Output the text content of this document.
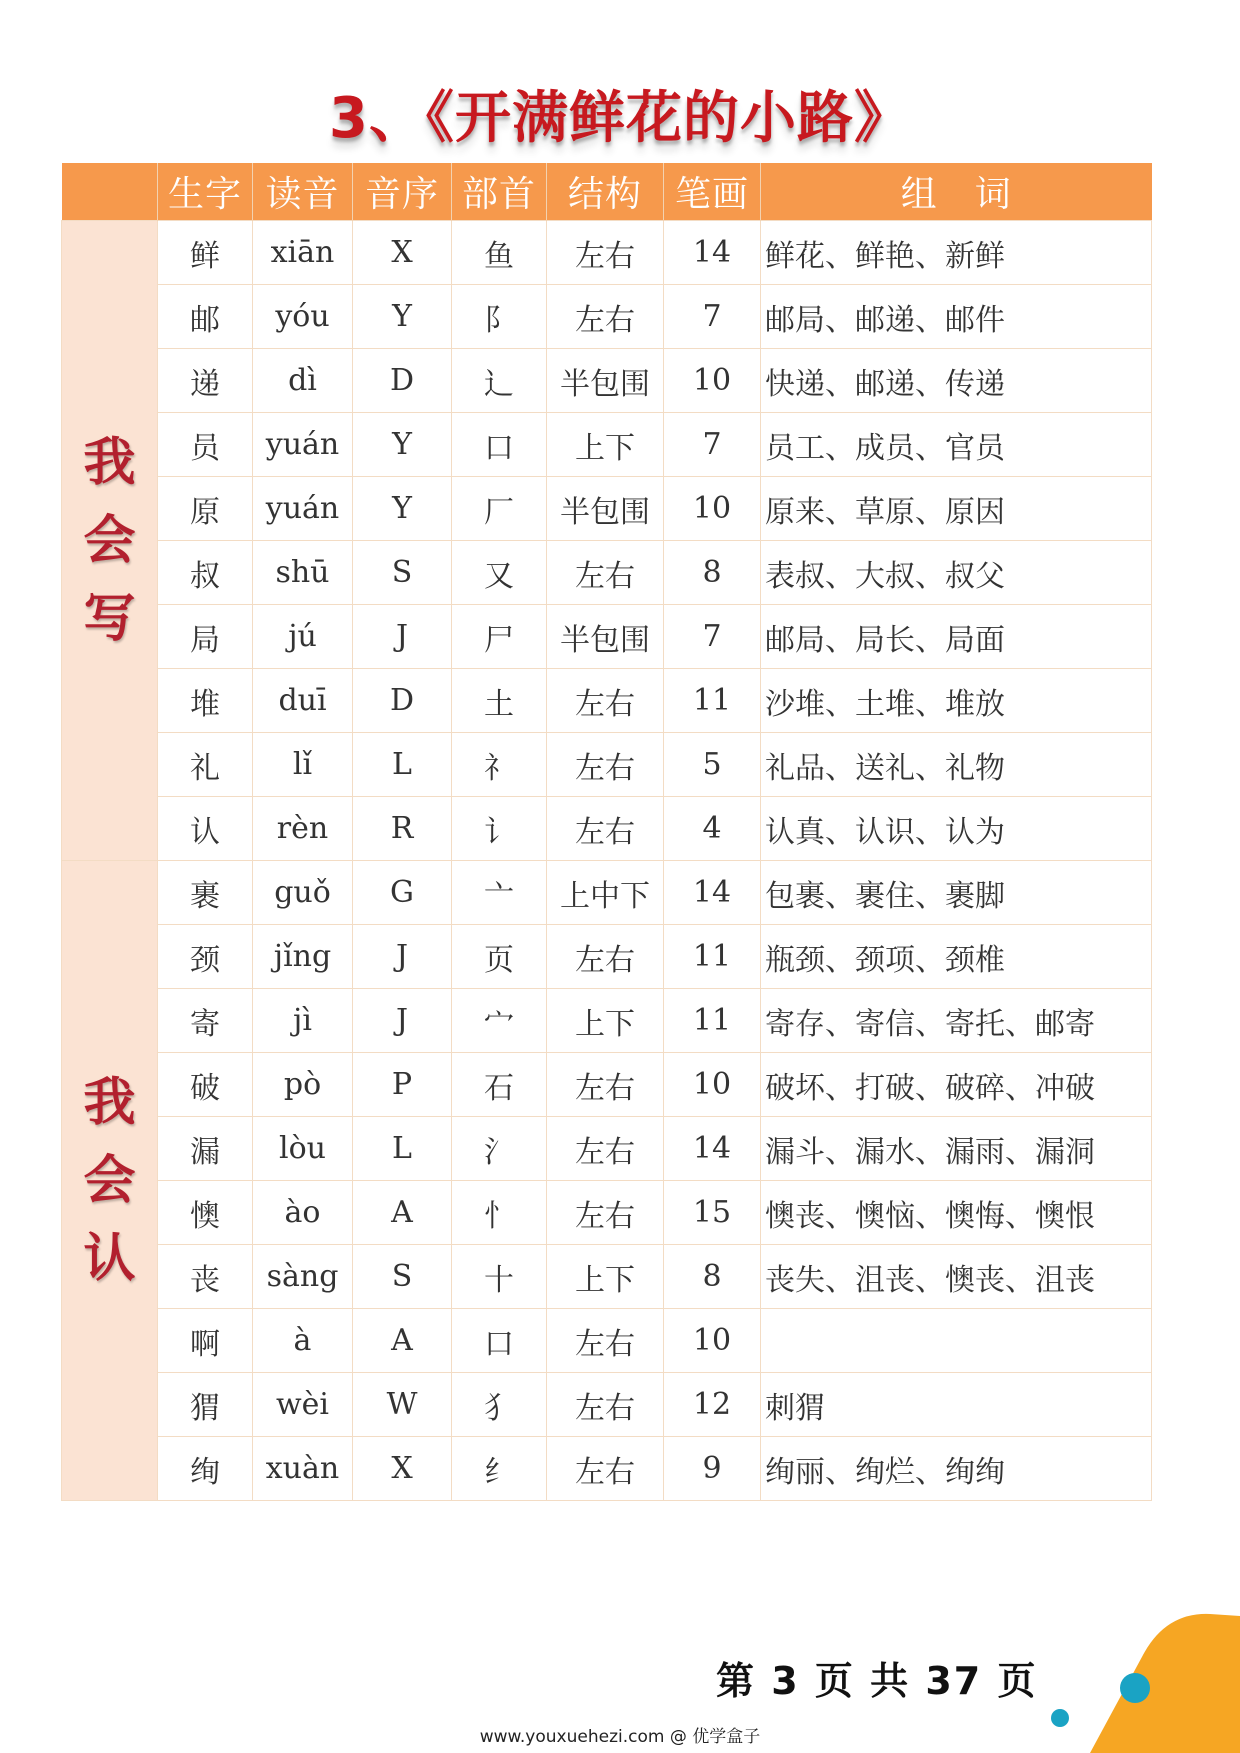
3、《开满鲜花的小路》
	生字	读音	音序	部首	结构	笔画	组　词

我会写	鲜	xiān	X	鱼	左右	14	鲜花、鲜艳、新鲜
	邮	yóu	Y	阝	左右	7	邮局、邮递、邮件
	递	dì	D	辶	半包围	10	快递、邮递、传递
	员	yuán	Y	口	上下	7	员工、成员、官员
	原	yuán	Y	厂	半包围	10	原来、草原、原因
	叔	shū	S	又	左右	8	表叔、大叔、叔父
	局	jú	J	尸	半包围	7	邮局、局长、局面
	堆	duī	D	土	左右	11	沙堆、土堆、堆放
	礼	lǐ	L	礻	左右	5	礼品、送礼、礼物
	认	rèn	R	讠	左右	4	认真、认识、认为

我会认	裹	guǒ	G	亠	上中下	14	包裹、裹住、裹脚
	颈	jǐng	J	页	左右	11	瓶颈、颈项、颈椎
	寄	jì	J	宀	上下	11	寄存、寄信、寄托、邮寄
	破	pò	P	石	左右	10	破坏、打破、破碎、冲破
	漏	lòu	L	氵	左右	14	漏斗、漏水、漏雨、漏洞
	懊	ào	A	忄	左右	15	懊丧、懊恼、懊悔、懊恨
	丧	sàng	S	十	上下	8	丧失、沮丧、懊丧、沮丧
	啊	à	A	口	左右	10	
	猬	wèi	W	犭	左右	12	刺猬
	绚	xuàn	X	纟	左右	9	绚丽、绚烂、绚绚
第 3 页 共 37 页
www.youxuehezi.com @ 优学盒子
